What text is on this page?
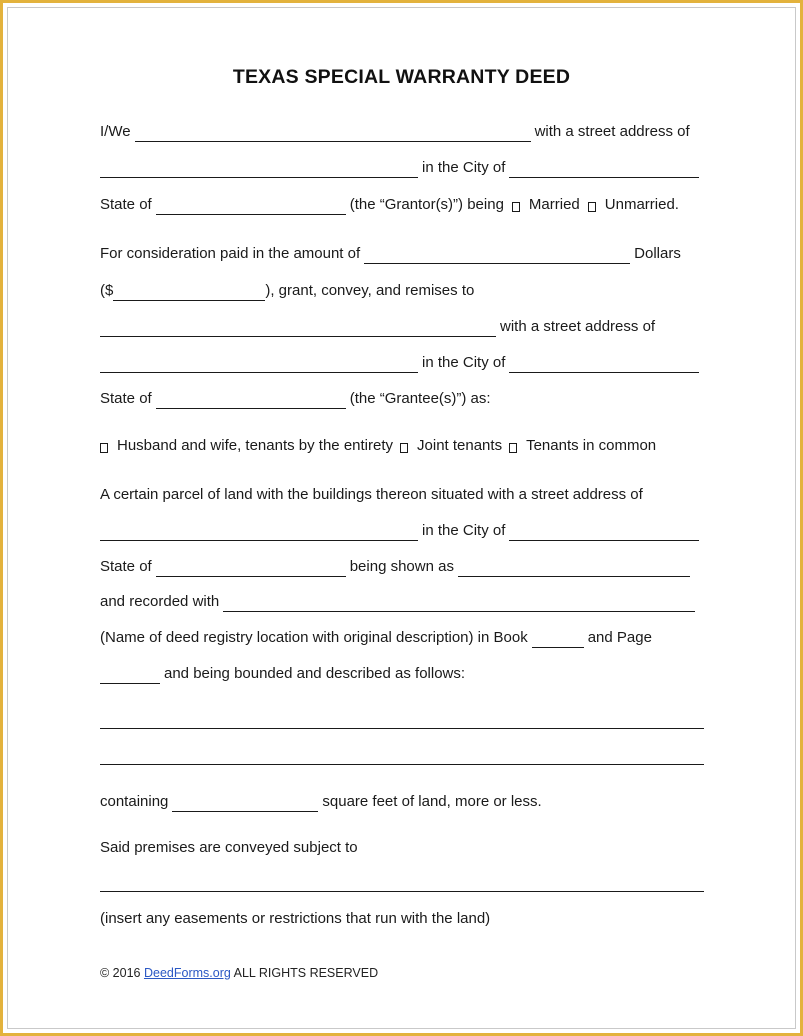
TEXAS SPECIAL WARRANTY DEED
I/We	with a street address of
in the City of
State of	(the “Grantor(s)”) being Married Unmarried.
For consideration paid in the amount of	Dollars
($	), grant, convey, and remises to
with a street address of
in the City of
State of	(the “Grantee(s)”) as:
Husband and wife, tenants by the entirety Joint tenants Tenants in common
A certain parcel of land with the buildings thereon situated with a street address of
in the City of
State of	being shown as
and recorded with
(Name of deed registry location with original description) in Book	and Page
and being bounded and described as follows:
containing	square feet of land, more or less.
Said premises are conveyed subject to
(insert any easements or restrictions that run with the land)
© 2016 DeedForms.org ALL RIGHTS RESERVED
